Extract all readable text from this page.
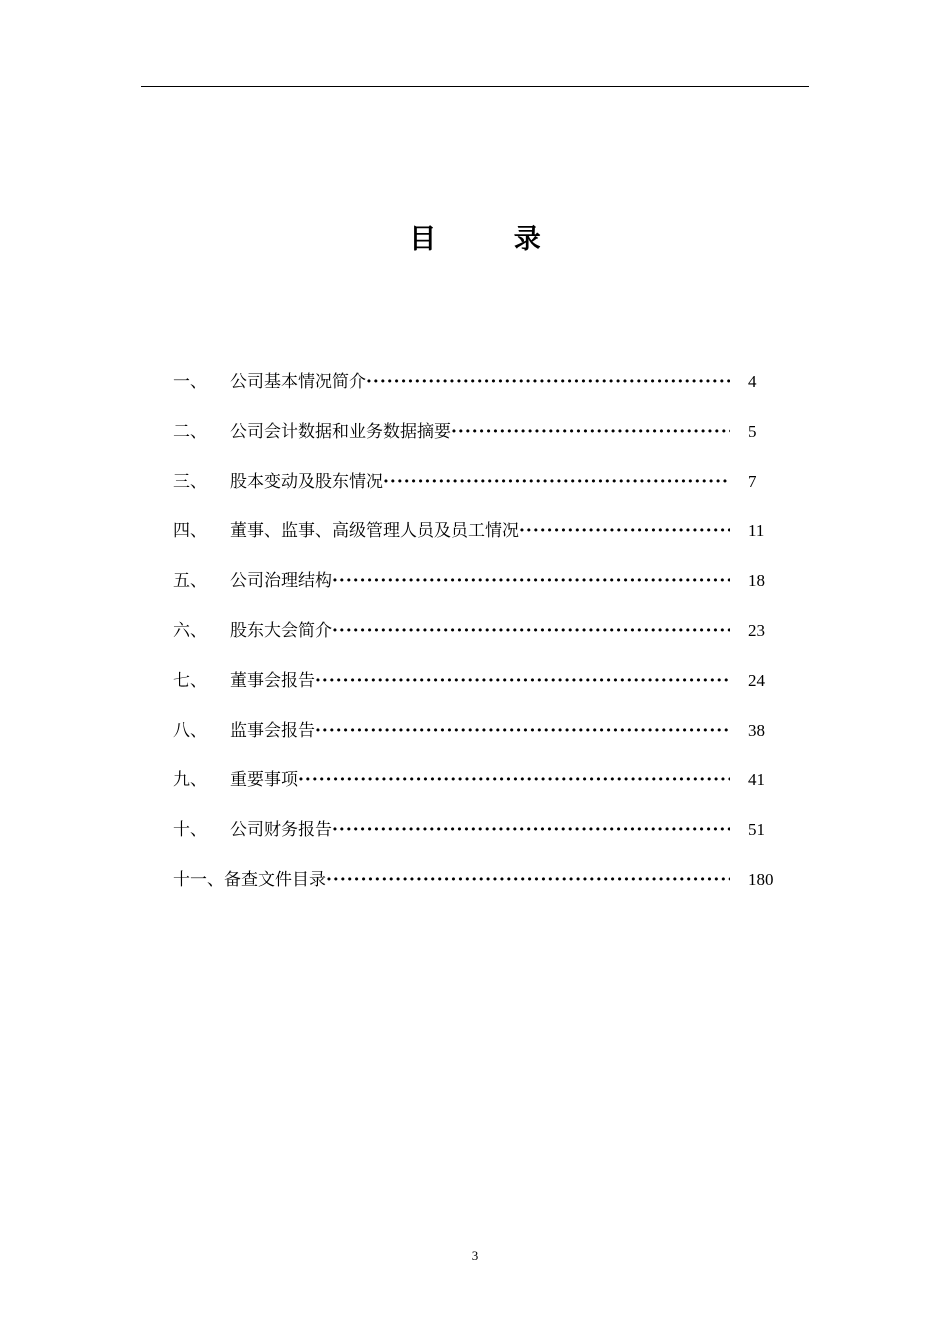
目 录
一、	公司基本情况简介 ·····	4
二、	公司会计数据和业务数据摘要 ·····	5
三、	股本变动及股东情况 ·····	7
四、	董事、监事、高级管理人员及员工情况 ·····	11
五、	公司治理结构 ·····	18
六、	股东大会简介 ·····	23
七、	董事会报告 ·····	24
八、	监事会报告 ·····	38
九、	重要事项 ·····	41
十、	公司财务报告 ·····	51
十一、 备查文件目录 ·····	180
3
